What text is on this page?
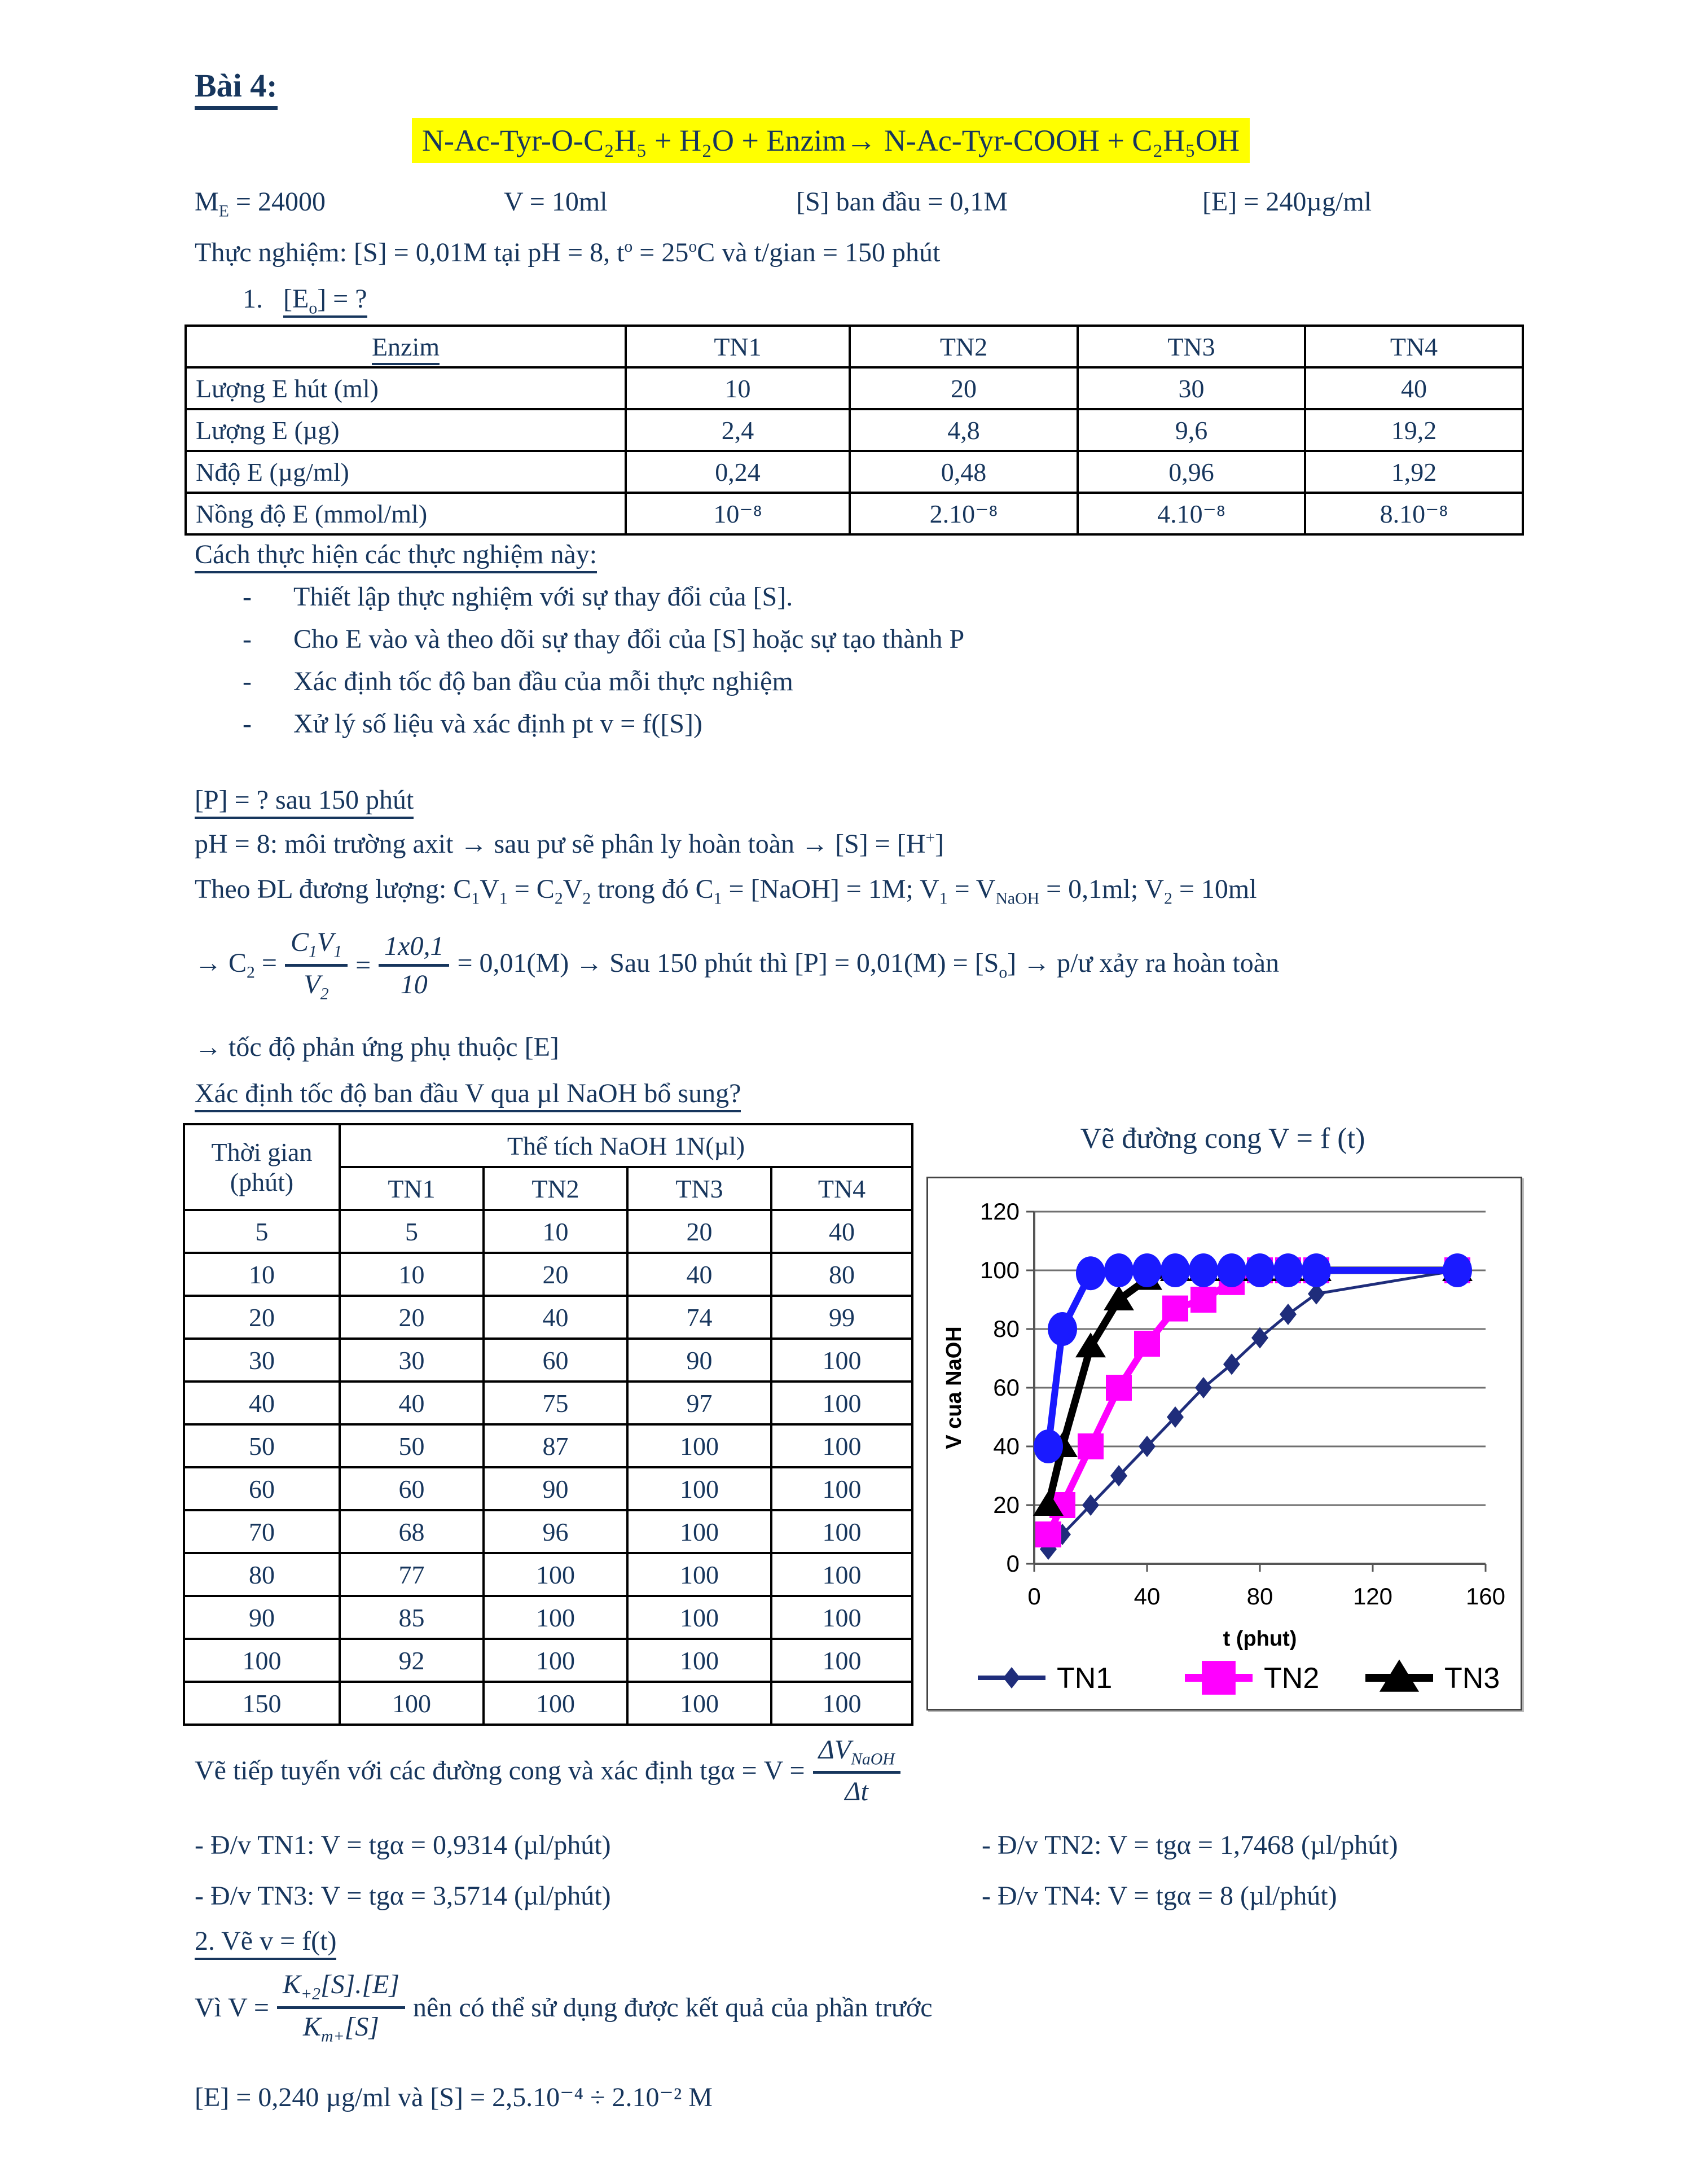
Bài 4:
N-Ac-Tyr-O-C₂H₅ + H₂O + Enzim→ N-Ac-Tyr-COOH + C₂H₅OH
$M_E = 24000$	V = 10ml	[S] ban đầu = 0,1M	[E] = 240µg/ml
Thực nghiệm: [S] = 0,01M tại pH = 8, $t^o = 25^oC$ và t/gian = 150 phút
1. $[E_o]$ = ?
Enzim	TN1	TN2	TN3	TN4
Lượng E hút (ml)	10	20	30	40
Lượng E (µg)	2,4	4,8	9,6	19,2
Nđộ E (µg/ml)	0,24	0,48	0,96	1,92
Nồng độ E (mmol/ml)	10⁻⁸	2.10⁻⁸	4.10⁻⁸	8.10⁻⁸
Cách thực hiện các thực nghiệm này:
- Thiết lập thực nghiệm với sự thay đổi của [S].
- Cho E vào và theo dõi sự thay đổi của [S] hoặc sự tạo thành P
- Xác định tốc độ ban đầu của mỗi thực nghiệm
- Xử lý số liệu và xác định pt v = f([S])
[P] = ? sau 150 phút
pH = 8: môi trường axit → sau pư sẽ phân ly hoàn toàn → [S] = [H+]
Theo ĐL đương lượng: $C_1V_1 = C_2V_2$ trong đó $C_1$ = [NaOH] = 1M; $V_1 = V_{NaOH} = 0,1ml$; $V_2 = 10ml$
→ $C_2 = \frac{C_1V_1}{V_2} = \frac{1x0,1}{10} = 0,01(M)$ → Sau 150 phút thì $[P] = 0,01(M) = [S_o]$ → p/ư xảy ra hoàn toàn
→ tốc độ phản ứng phụ thuộc [E]
Xác định tốc độ ban đầu V qua µl NaOH bổ sung?
Thời gian
(phút)	Thể tích NaOH 1N(µl)			
	TN1	TN2	TN3	TN4
5	5	10	20	40
10	10	20	40	80
20	20	40	74	99
30	30	60	90	100
40	40	75	97	100
50	50	87	100	100
60	60	90	100	100
70	68	96	100	100
80	77	100	100	100
90	85	100	100	100
100	92	100	100	100
150	100	100	100	100
Vẽ đường cong V = f (t)
0
20
40
60
80
100
120
0	40	80	120	160
t (phut)
V cua NaOH
TN1	TN2	TN3
Vẽ tiếp tuyến với các đường cong và xác định $tg\alpha = V = \frac{\Delta V_{NaOH}}{\Delta t}$
- Đ/v TN1: V = tgα = 0,9314 (µl/phút)	- Đ/v TN2: V = tgα = 1,7468 (µl/phút)
- Đ/v TN3: V = tgα = 3,5714 (µl/phút)	- Đ/v TN4: V = tgα = 8 (µl/phút)
2. Vẽ v = f(t)
Vì $V = \frac{K_{+2}[S].[E]}{K_{m+}[S]}$ nên có thể sử dụng được kết quả của phần trước
[E] = 0,240 µg/ml và [S] = 2,5.10⁻⁴ ÷ 2.10⁻² M
